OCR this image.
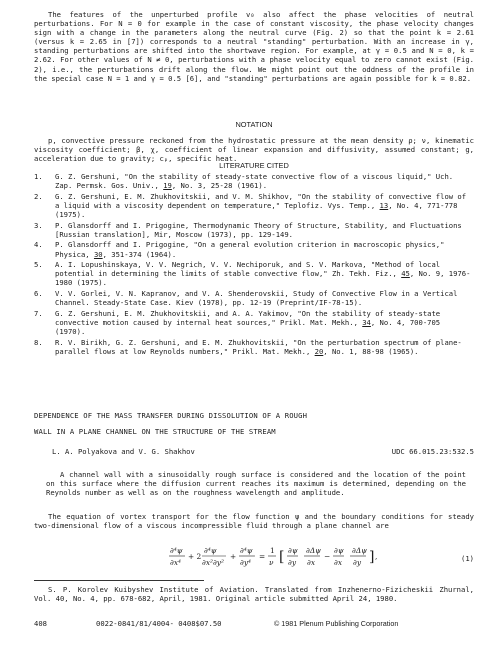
The features of the unperturbed profile v₀ also affect the phase velocities of neutral perturbations. For N = 0 for example in the case of constant viscosity, the phase velocity changes sign with a change in the parameters along the neutral curve (Fig. 2) so that the point k = 2.61 (versus k = 2.65 in [7]) corresponds to a neutral "standing" perturbation. With an increase in γ, standing perturbations are shifted into the shortwave region. For example, at γ = 0.5 and N = 0, k = 2.62. For other values of N ≠ 0, perturbations with a phase velocity equal to zero cannot exist (Fig. 2), i.e., the perturbations drift along the flow. We might point out the oddness of the profile in the special case N = 1 and γ = 0.5 [6], and "standing" perturbations are again possible for k = 0.82.

NOTATION

p, convective pressure reckoned from the hydrostatic pressure at the mean density ρ; ν, kinematic viscosity coefficient; β, χ, coefficient of linear expansion and diffusivity, assumed constant; g, acceleration due to gravity; cₚ, specific heat.

LITERATURE CITED
1. G. Z. Gershuni, "On the stability of steady-state convective flow of a viscous liquid," Uch. Zap. Permsk. Gos. Univ., 19, No. 3, 25-28 (1961).
2. G. Z. Gershuni, E. M. Zhukhovitskii, and V. M. Shikhov, "On the stability of convective flow of a liquid with a viscosity dependent on temperature," Teplofiz. Vys. Temp., 13, No. 4, 771-778 (1975).
3. P. Glansdorff and I. Prigogine, Thermodynamic Theory of Structure, Stability, and Fluctuations [Russian translation], Mir, Moscow (1973), pp. 129-149.
4. P. Glansdorff and I. Prigogine, "On a general evolution criterion in macroscopic physics," Physica, 30, 351-374 (1964).
5. A. I. Lopushinskaya, V. V. Negrich, V. V. Nechiporuk, and S. V. Markova, "Method of local potential in determining the limits of stable convective flow," Zh. Tekh. Fiz., 45, No. 9, 1976-1980 (1975).
6. V. V. Gorlei, V. N. Kapranov, and V. A. Shenderovskii, Study of Convective Flow in a Vertical Channel. Steady-State Case. Kiev (1978), pp. 12-19 (Preprint/IF-78-15).
7. G. Z. Gershuni, E. M. Zhukhovitskii, and A. A. Yakimov, "On the stability of steady-state convective motion caused by internal heat sources," Prikl. Mat. Mekh., 34, No. 4, 700-705 (1970).
8. R. V. Birikh, G. Z. Gershuni, and E. M. Zhukhovitskii, "On the perturbation spectrum of plane-parallel flows at low Reynolds numbers," Prikl. Mat. Mekh., 20, No. 1, 88-98 (1965).
DEPENDENCE OF THE MASS TRANSFER DURING DISSOLUTION OF A ROUGH
WALL IN A PLANE CHANNEL ON THE STRUCTURE OF THE STREAM
L. A. Polyakova and V. G. Shakhov	UDC 66.015.23:532.5

A channel wall with a sinusoidally rough surface is considered and the location of the point on this surface where the diffusion current reaches its maximum is determined, depending on the Reynolds number as well as on the roughness wavelength and amplitude.

The equation of vortex transport for the flow function ψ and the boundary conditions for steady two-dimensional flow of a viscous incompressible fluid through a plane channel are

∂⁴ψ
∂x⁴
+ 2
∂⁴ψ
∂x²∂y²
+
∂⁴ψ
∂y⁴
=
1
ν [ ∂ψ
∂y
∂Δψ
∂x
−
∂ψ
∂x
∂Δψ
∂y ] ,	(1)

S. P. Korolev Kuibyshev Institute of Aviation. Translated from Inzhenerno-Fizicheskii Zhurnal, Vol. 40, No. 4, pp. 678-682, April, 1981. Original article submitted April 24, 1980.

408	0022-0841/81/4004- 0408$07.50	© 1981 Plenum Publishing Corporation
